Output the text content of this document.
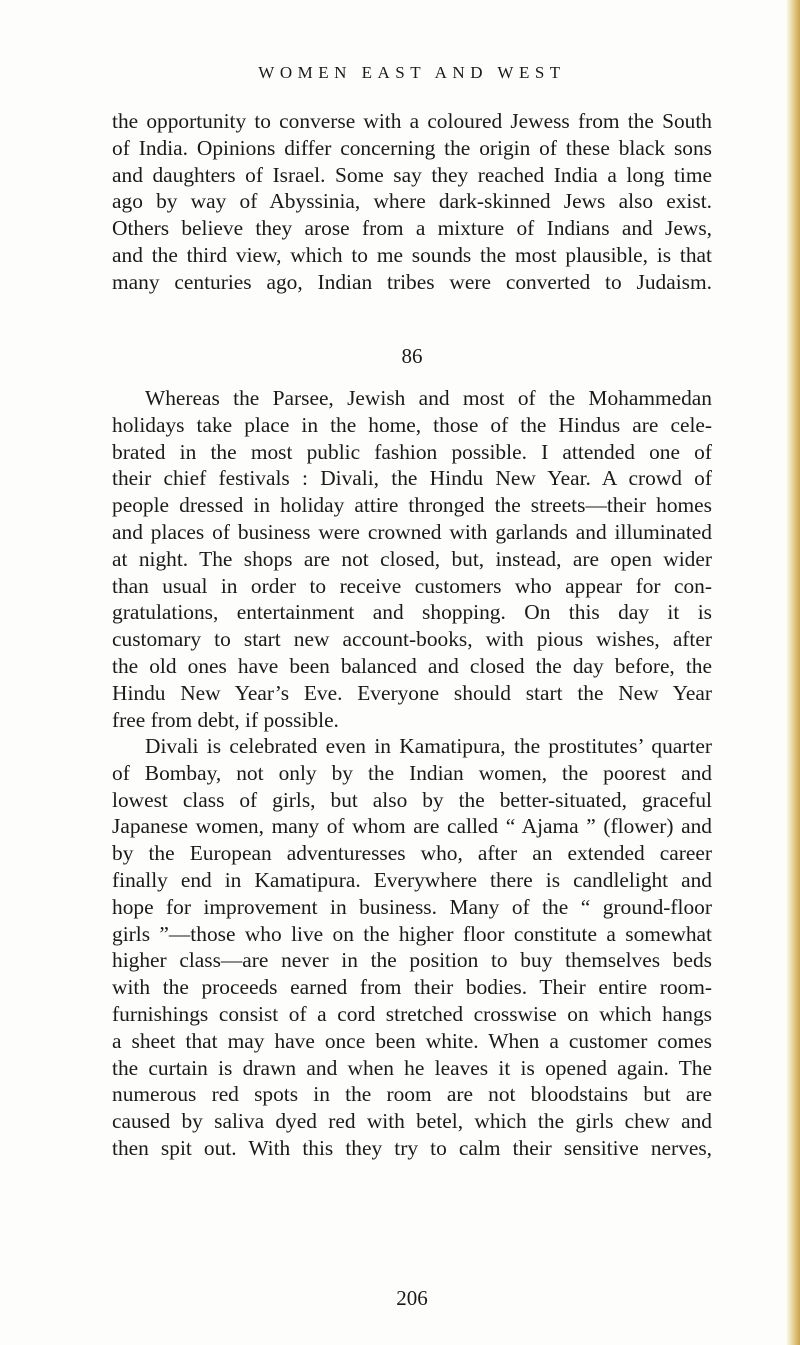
WOMEN EAST AND WEST
the opportunity to converse with a coloured Jewess from the South
of India. Opinions differ concerning the origin of these black sons
and daughters of Israel. Some say they reached India a long time
ago by way of Abyssinia, where dark-skinned Jews also exist.
Others believe they arose from a mixture of Indians and Jews,
and the third view, which to me sounds the most plausible, is that
many centuries ago, Indian tribes were converted to Judaism.
86
Whereas the Parsee, Jewish and most of the Mohammedan
holidays take place in the home, those of the Hindus are cele-
brated in the most public fashion possible. I attended one of
their chief festivals : Divali, the Hindu New Year. A crowd of
people dressed in holiday attire thronged the streets—their homes
and places of business were crowned with garlands and illuminated
at night. The shops are not closed, but, instead, are open wider
than usual in order to receive customers who appear for con-
gratulations, entertainment and shopping. On this day it is
customary to start new account-books, with pious wishes, after
the old ones have been balanced and closed the day before, the
Hindu New Year’s Eve. Everyone should start the New Year
free from debt, if possible.
Divali is celebrated even in Kamatipura, the prostitutes’ quarter
of Bombay, not only by the Indian women, the poorest and
lowest class of girls, but also by the better-situated, graceful
Japanese women, many of whom are called “ Ajama ” (flower) and
by the European adventuresses who, after an extended career
finally end in Kamatipura. Everywhere there is candlelight and
hope for improvement in business. Many of the “ ground-floor
girls ”—those who live on the higher floor constitute a somewhat
higher class—are never in the position to buy themselves beds
with the proceeds earned from their bodies. Their entire room-
furnishings consist of a cord stretched crosswise on which hangs
a sheet that may have once been white. When a customer comes
the curtain is drawn and when he leaves it is opened again. The
numerous red spots in the room are not bloodstains but are
caused by saliva dyed red with betel, which the girls chew and
then spit out. With this they try to calm their sensitive nerves,
206
